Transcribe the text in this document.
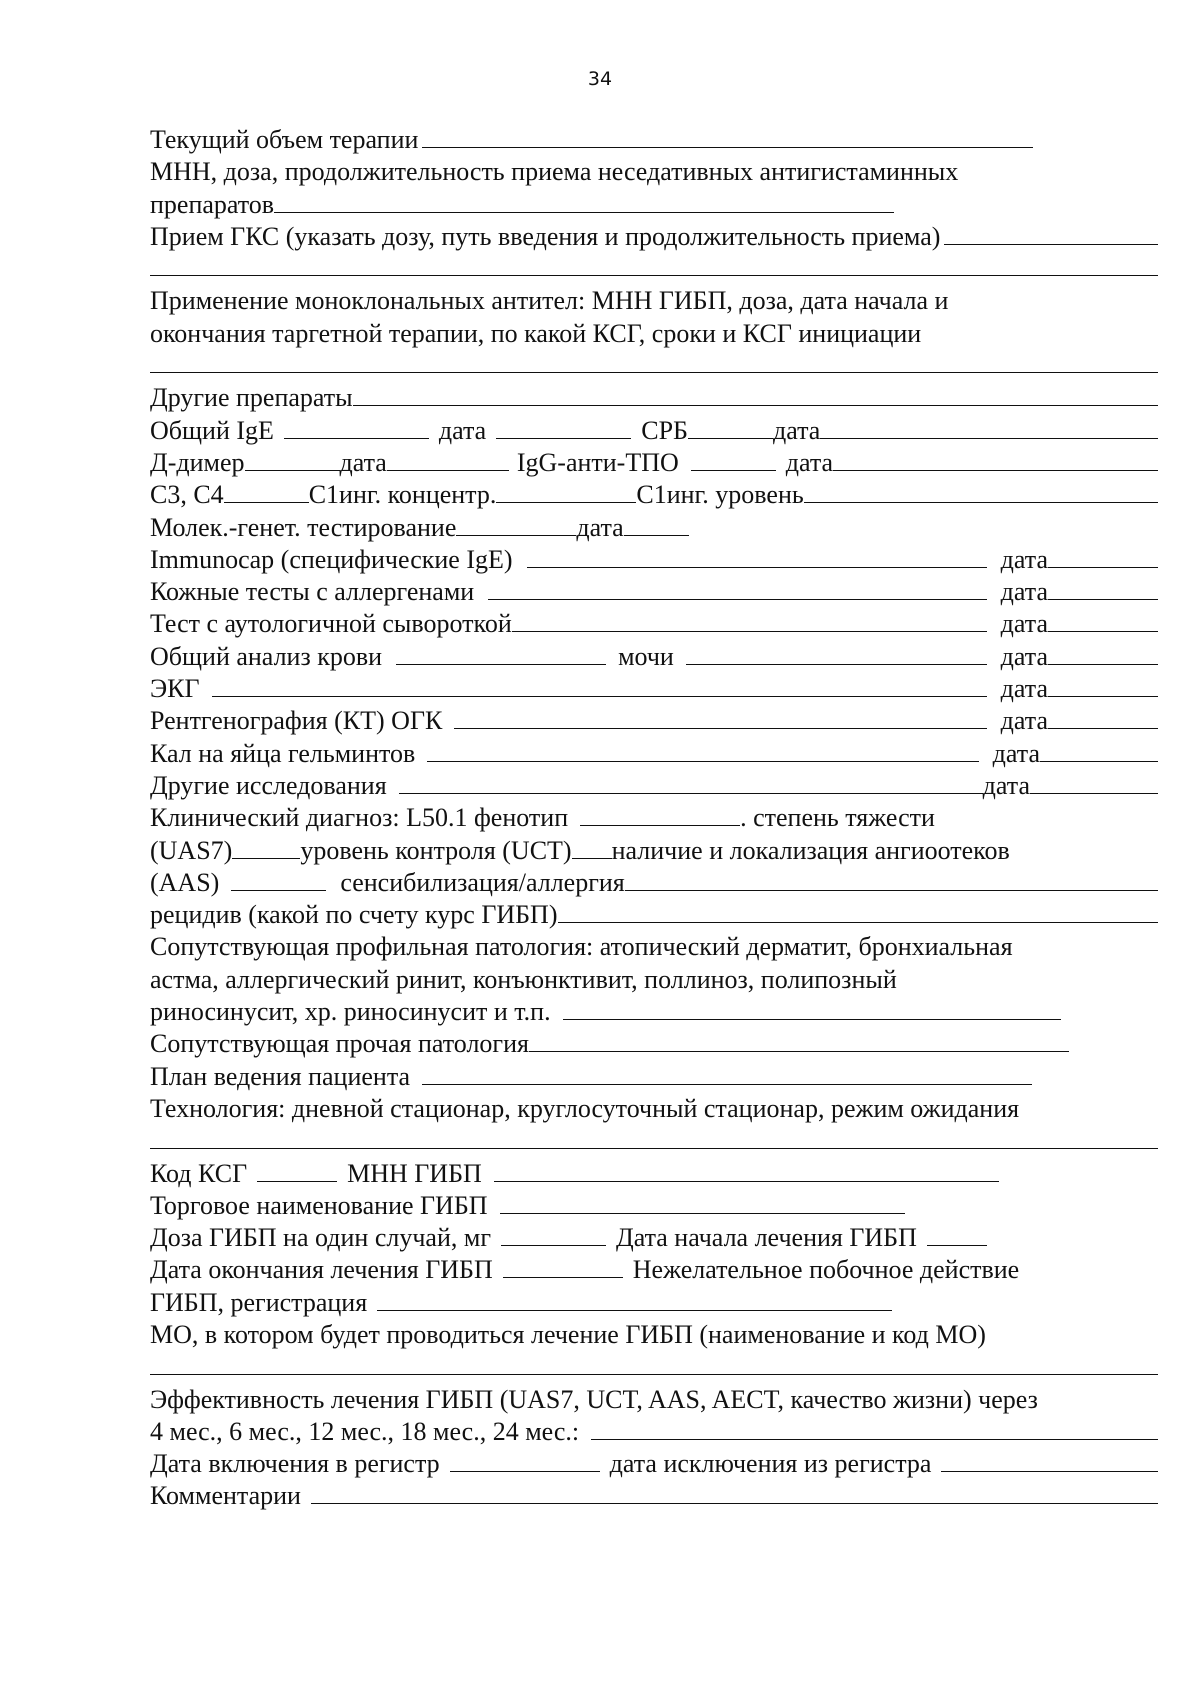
34
Текущий объем терапии
МНН, доза, продолжительность приема неседативных антигистаминных
препаратов
Прием ГКС (указать дозу, путь введения и продолжительность приема)
Применение моноклональных антител: МНН ГИБП, доза, дата начала и
окончания таргетной терапии, по какой КСГ, сроки и КСГ инициации
Другие препараты
Общий IgE	дата	СРБ	дата
Д-димер	дата	IgG-анти-ТПО	дата
С3, С4	С1инг. концентр.	С1инг. уровень
Молек.-генет. тестирование	дата
Immunocap (специфические IgE)	дата
Кожные тесты с аллергенами	дата
Тест с аутологичной сывороткой	дата
Общий анализ крови	мочи	дата
ЭКГ	дата
Рентгенография (КТ) ОГК	дата
Кал на яйца гельминтов	дата
Другие исследования	дата
Клинический диагноз: L50.1 фенотип	. степень тяжести
(UAS7)	уровень контроля (UCT) наличие и локализация ангиоотеков
(AAS)	сенсибилизация/аллергия
рецидив (какой по счету курс ГИБП)
Сопутствующая профильная патология: атопический дерматит, бронхиальная
астма, аллергический ринит, конъюнктивит, поллиноз, полипозный
риносинусит, хр. риносинусит и т.п.
Сопутствующая прочая патология
План ведения пациента
Технология: дневной стационар, круглосуточный стационар, режим ожидания
Код КСГ	МНН ГИБП
Торговое наименование ГИБП
Доза ГИБП на один случай, мг	Дата начала лечения ГИБП
Дата окончания лечения ГИБП	Нежелательное побочное действие
ГИБП, регистрация
МО, в котором будет проводиться лечение ГИБП (наименование и код МО)
Эффективность лечения ГИБП (UAS7, UCT, AAS, AECT, качество жизни) через
4 мес., 6 мес., 12 мес., 18 мес., 24 мес.:
Дата включения в регистр	дата исключения из регистра
Комментарии
